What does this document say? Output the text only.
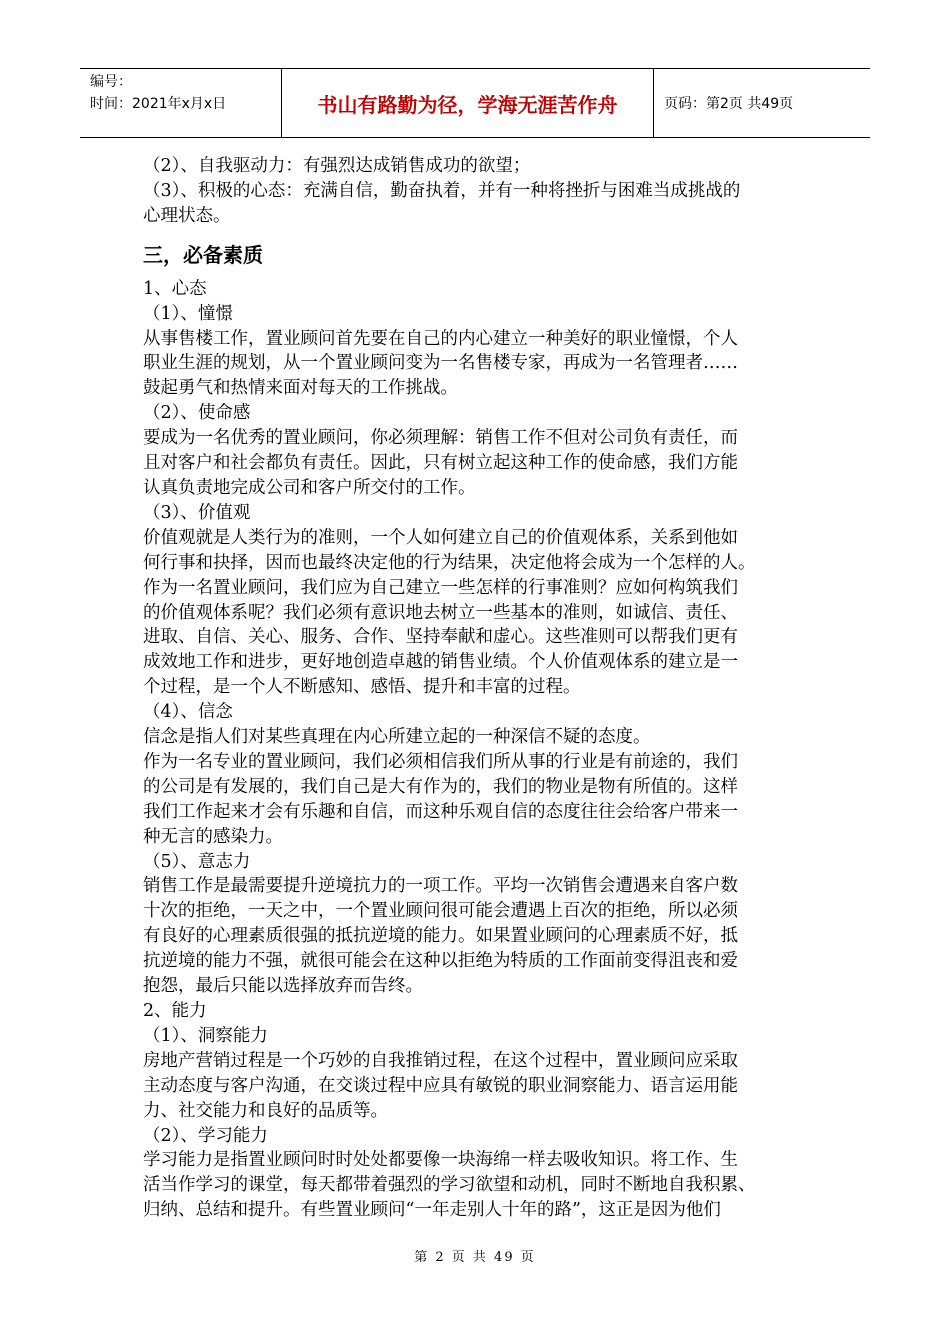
编号：
时间：2021年x月x日	书山有路勤为径，学海无涯苦作舟	页码：第2页 共49页

（2）、自我驱动力：有强烈达成销售成功的欲望；

（3）、积极的心态：充满自信，勤奋执着，并有一种将挫折与困难当成挑战的

心理状态。

三，必备素质

1、心态

（1）、憧憬

从事售楼工作，置业顾问首先要在自己的内心建立一种美好的职业憧憬，个人

职业生涯的规划，从一个置业顾问变为一名售楼专家，再成为一名管理者……

鼓起勇气和热情来面对每天的工作挑战。

（2）、使命感

要成为一名优秀的置业顾问，你必须理解：销售工作不但对公司负有责任，而

且对客户和社会都负有责任。因此，只有树立起这种工作的使命感，我们方能

认真负责地完成公司和客户所交付的工作。

（3）、价值观

价值观就是人类行为的准则，一个人如何建立自己的价值观体系，关系到他如

何行事和抉择，因而也最终决定他的行为结果，决定他将会成为一个怎样的人。

作为一名置业顾问，我们应为自己建立一些怎样的行事准则？应如何构筑我们

的价值观体系呢？我们必须有意识地去树立一些基本的准则，如诚信、责任、

进取、自信、关心、服务、合作、坚持奉献和虚心。这些准则可以帮我们更有

成效地工作和进步，更好地创造卓越的销售业绩。个人价值观体系的建立是一

个过程，是一个人不断感知、感悟、提升和丰富的过程。

（4）、信念

信念是指人们对某些真理在内心所建立起的一种深信不疑的态度。

作为一名专业的置业顾问，我们必须相信我们所从事的行业是有前途的，我们

的公司是有发展的，我们自己是大有作为的，我们的物业是物有所值的。这样

我们工作起来才会有乐趣和自信，而这种乐观自信的态度往往会给客户带来一

种无言的感染力。

（5）、意志力

销售工作是最需要提升逆境抗力的一项工作。平均一次销售会遭遇来自客户数

十次的拒绝，一天之中，一个置业顾问很可能会遭遇上百次的拒绝，所以必须

有良好的心理素质很强的抵抗逆境的能力。如果置业顾问的心理素质不好，抵

抗逆境的能力不强，就很可能会在这种以拒绝为特质的工作面前变得沮丧和爱

抱怨，最后只能以选择放弃而告终。

2、能力

（1）、洞察能力

房地产营销过程是一个巧妙的自我推销过程，在这个过程中，置业顾问应采取

主动态度与客户沟通，在交谈过程中应具有敏锐的职业洞察能力、语言运用能

力、社交能力和良好的品质等。

（2）、学习能力

学习能力是指置业顾问时时处处都要像一块海绵一样去吸收知识。将工作、生

活当作学习的课堂，每天都带着强烈的学习欲望和动机，同时不断地自我积累、

归纳、总结和提升。有些置业顾问“一年走别人十年的路”，这正是因为他们

第 2 页 共 49 页
